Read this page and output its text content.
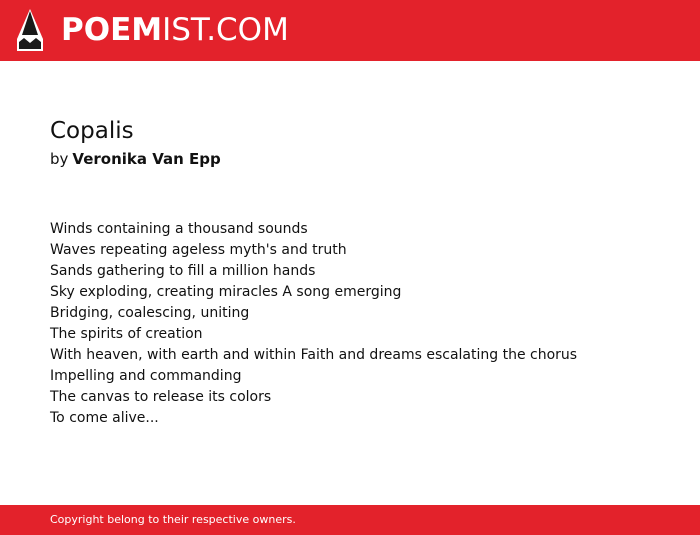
POEMIST.COM
Copalis
by Veronika Van Epp
Winds containing a thousand sounds
Waves repeating ageless myth's and truth
Sands gathering to fill a million hands
Sky exploding, creating miracles A song emerging
Bridging, coalescing, uniting
The spirits of creation
With heaven, with earth and within Faith and dreams escalating the chorus
Impelling and commanding
The canvas to release its colors
To come alive...
Copyright belong to their respective owners.
